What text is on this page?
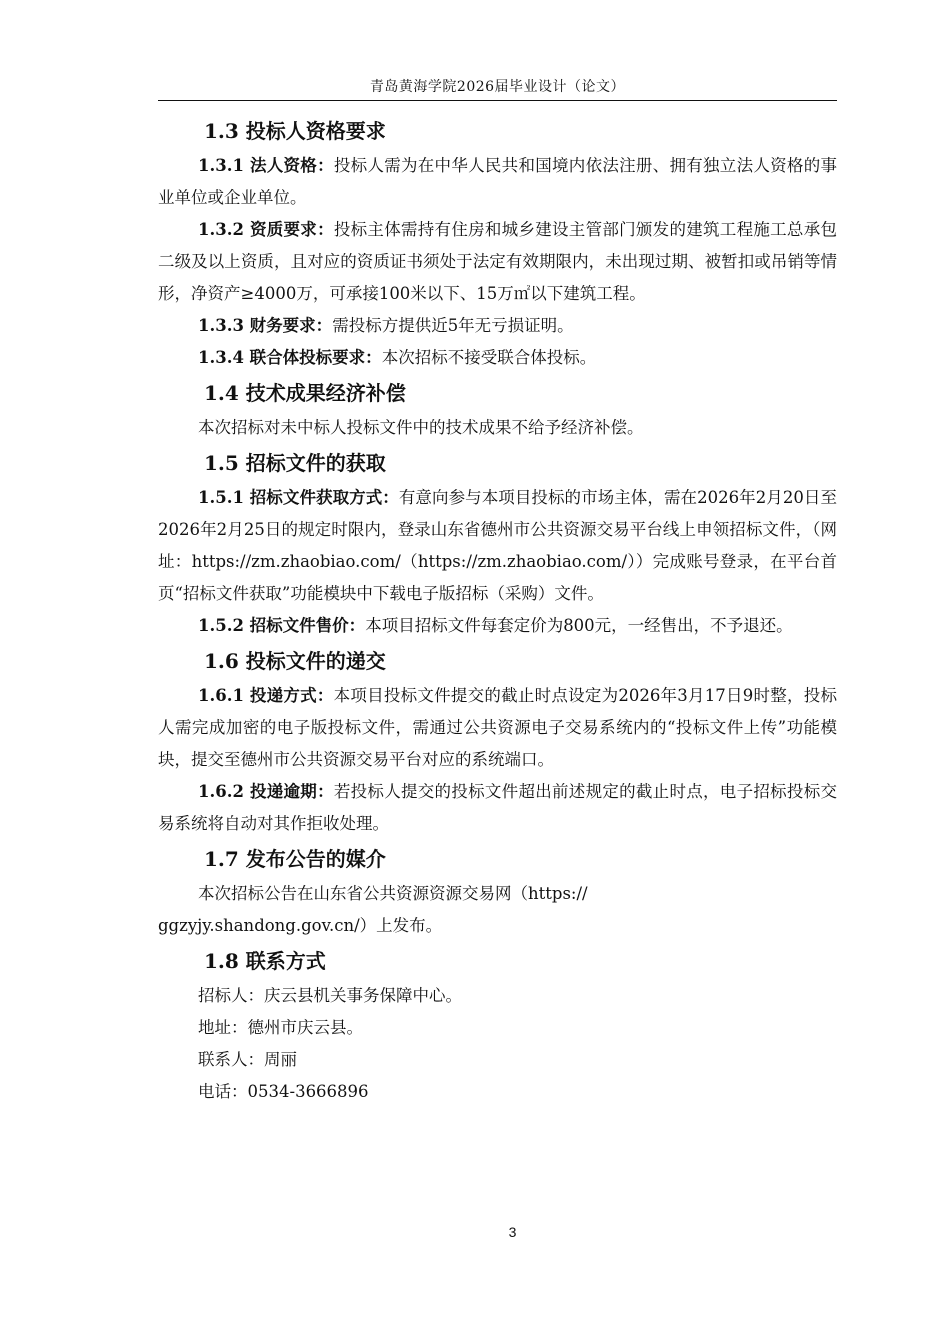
青岛黄海学院2026届毕业设计（论文）
1.3 投标人资格要求

1.3.1 法人资格：投标人需为在中华人民共和国境内依法注册、拥有独立法人资格的事业单位或企业单位。

1.3.2 资质要求：投标主体需持有住房和城乡建设主管部门颁发的建筑工程施工总承包二级及以上资质，且对应的资质证书须处于法定有效期限内，未出现过期、被暂扣或吊销等情形，净资产≥4000万，可承接100米以下、15万㎡以下建筑工程。

1.3.3 财务要求：需投标方提供近5年无亏损证明。

1.3.4 联合体投标要求：本次招标不接受联合体投标。

1.4 技术成果经济补偿

本次招标对未中标人投标文件中的技术成果不给予经济补偿。

1.5 招标文件的获取

1.5.1 招标文件获取方式：有意向参与本项目投标的市场主体，需在2026年2月20日至2026年2月25日的规定时限内，登录山东省德州市公共资源交易平台线上申领招标文件，（网址：https://zm.zhaobiao.com/（https://zm.zhaobiao.com/））完成账号登录，在平台首页“招标文件获取”功能模块中下载电子版招标（采购）文件。

1.5.2 招标文件售价：本项目招标文件每套定价为800元，一经售出，不予退还。

1.6 投标文件的递交

1.6.1 投递方式：本项目投标文件提交的截止时点设定为2026年3月17日9时整，投标人需完成加密的电子版投标文件，需通过公共资源电子交易系统内的“投标文件上传”功能模块，提交至德州市公共资源交易平台对应的系统端口。

1.6.2 投递逾期：若投标人提交的投标文件超出前述规定的截止时点，电子招标投标交易系统将自动对其作拒收处理。

1.7 发布公告的媒介

本次招标公告在山东省公共资源资源交易网（https://

ggzyjy.shandong.gov.cn/）上发布。

1.8 联系方式

招标人：庆云县机关事务保障中心。

地址：德州市庆云县。

联系人：周丽

电话：0534-3666896

3
